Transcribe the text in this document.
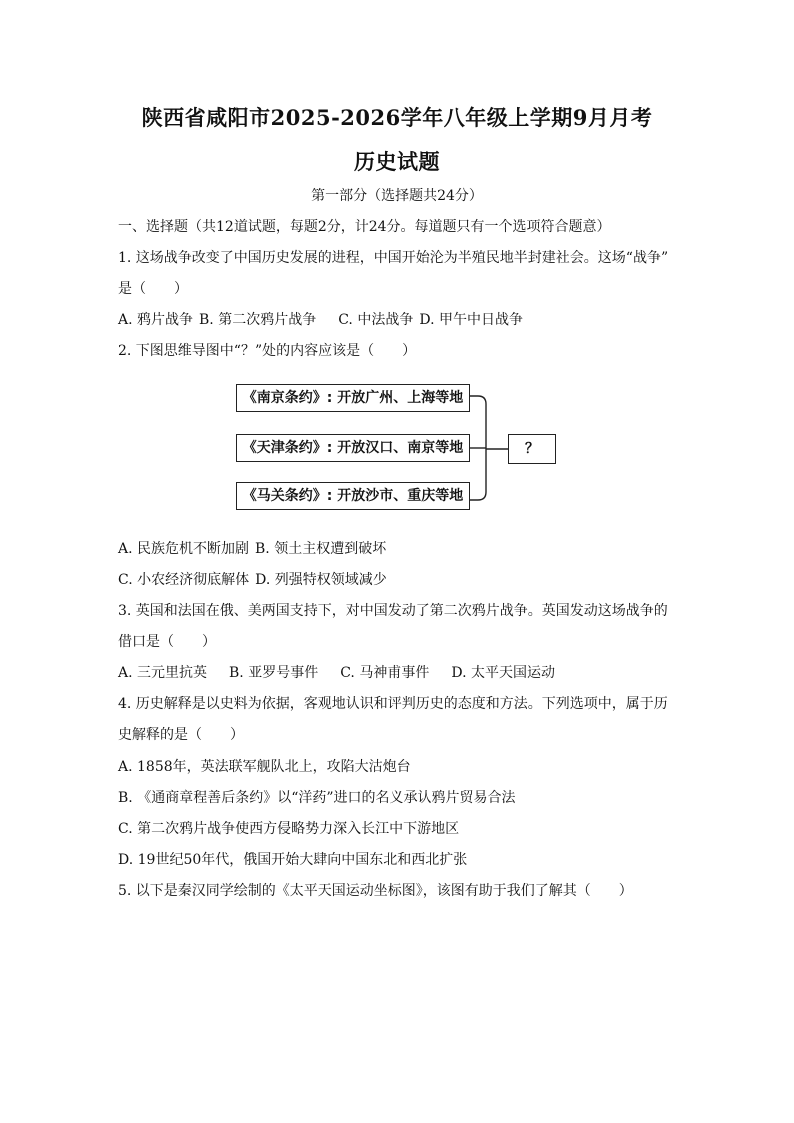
陕西省咸阳市2025-2026学年八年级上学期9月月考
历史试题
第一部分（选择题共24分）
一、选择题（共12道试题，每题2分，计24分。每道题只有一个选项符合题意）
1. 这场战争改变了中国历史发展的进程，中国开始沦为半殖民地半封建社会。这场“战争”
是（　　）
A. 鸦片战争 B. 第二次鸦片战争 C. 中法战争 D. 甲午中日战争
2. 下图思维导图中“？”处的内容应该是（　　）
《南京条约》: 开放广州、上海等地
《天津条约》: 开放汉口、南京等地
《马关条约》: 开放沙市、重庆等地
？
A. 民族危机不断加剧 B. 领土主权遭到破坏
C. 小农经济彻底解体 D. 列强特权领域减少
3. 英国和法国在俄、美两国支持下，对中国发动了第二次鸦片战争。英国发动这场战争的
借口是（　　）
A. 三元里抗英 B. 亚罗号事件 C. 马神甫事件 D. 太平天国运动
4. 历史解释是以史料为依据，客观地认识和评判历史的态度和方法。下列选项中，属于历
史解释的是（　　）
A. 1858年，英法联军舰队北上，攻陷大沽炮台
B. 《通商章程善后条约》以“洋药”进口的名义承认鸦片贸易合法
C. 第二次鸦片战争使西方侵略势力深入长江中下游地区
D. 19世纪50年代，俄国开始大肆向中国东北和西北扩张
5. 以下是秦汉同学绘制的《太平天国运动坐标图》，该图有助于我们了解其（　　）
